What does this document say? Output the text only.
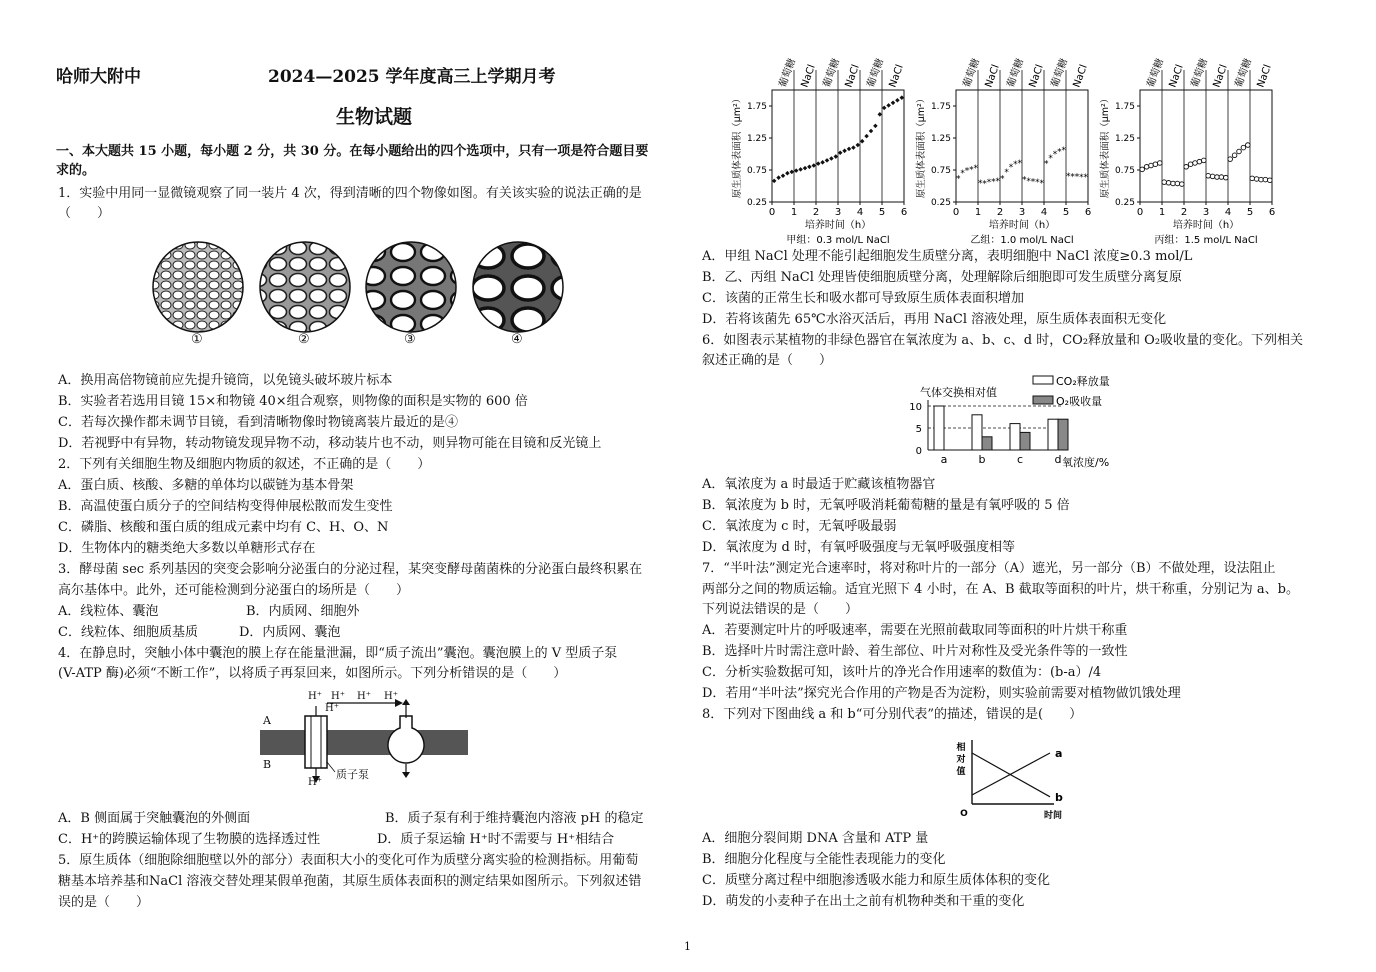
哈师大附中	2024—2025 学年度高三上学期月考
生物试题
一、本大题共 15 小题，每小题 2 分，共 30 分。在每小题给出的四个选项中，只有一项是符合题目要
求的。
1．实验中用同一显微镜观察了同一装片 4 次，得到清晰的四个物像如图。有关该实验的说法正确的是
（　　）
①	②	③	④
A．换用高倍物镜前应先提升镜筒，以免镜头破坏玻片标本
B．实验者若选用目镜 15×和物镜 40×组合观察，则物像的面积是实物的 600 倍
C．若每次操作都未调节目镜，看到清晰物像时物镜离装片最近的是④
D．若视野中有异物，转动物镜发现异物不动，移动装片也不动，则异物可能在目镜和反光镜上
2．下列有关细胞生物及细胞内物质的叙述，不正确的是（　　）
A．蛋白质、核酸、多糖的单体均以碳链为基本骨架
B．高温使蛋白质分子的空间结构变得伸展松散而发生变性
C．磷脂、核酸和蛋白质的组成元素中均有 C、H、O、N
D．生物体内的糖类绝大多数以单糖形式存在
3．酵母菌 sec 系列基因的突变会影响分泌蛋白的分泌过程，某突变酵母菌菌株的分泌蛋白最终积累在
高尔基体中。此外，还可能检测到分泌蛋白的场所是（　　）
A．线粒体、囊泡	B．内质网、细胞外
C．线粒体、细胞质基质	D．内质网、囊泡
4．在静息时，突触小体中囊泡的膜上存在能量泄漏，即“质子流出”囊泡。囊泡膜上的 V 型质子泵
(V-ATP 酶)必须“不断工作”，以将质子再泵回来，如图所示。下列分析错误的是（　　）
H⁺ H⁺ H⁺ H⁺
H⁺
H⁺
A
B
质子泵
A．B 侧面属于突触囊泡的外侧面	B．质子泵有利于维持囊泡内溶液 pH 的稳定
C．H⁺的跨膜运输体现了生物膜的选择透过性	D．质子泵运输 H⁺时不需要与 H⁺相结合
5．原生质体（细胞除细胞壁以外的部分）表面积大小的变化可作为质壁分离实验的检测指标。用葡萄
糖基本培养基和NaCl 溶液交替处理某假单孢菌，其原生质体表面积的测定结果如图所示。下列叙述错
误的是（　　）
0 1 2 3 4 5 6
0.25
0.75
1.25
1.75
葡萄糖 NaCl 葡萄糖 NaCl 葡萄糖 NaCl
原生质体表面积（μm²）
培养时间（h）
甲组：0.3 mol/L NaCl
0 1 2 3 4 5 6
0.25
0.75
1.25
1.75
葡萄糖 NaCl 葡萄糖 NaCl 葡萄糖 NaCl
原生质体表面积（μm²）
培养时间（h）
乙组：1.0 mol/L NaCl
*
* * * *
* * * * * *
*
* * *
* * * * *
*
* * * *
* * * * *
0 1 2 3 4 5 6
0.25
0.75
1.25
1.75
葡萄糖 NaCl 葡萄糖 NaCl 葡萄糖 NaCl
原生质体表面积（μm²）
培养时间（h）
丙组：1.5 mol/L NaCl
A．甲组 NaCl 处理不能引起细胞发生质壁分离，表明细胞中 NaCl 浓度≥0.3 mol/L
B．乙、丙组 NaCl 处理皆使细胞质壁分离，处理解除后细胞即可发生质壁分离复原
C．该菌的正常生长和吸水都可导致原生质体表面积增加
D．若将该菌先 65℃水浴灭活后，再用 NaCl 溶液处理，原生质体表面积无变化
6．如图表示某植物的非绿色器官在氧浓度为 a、b、c、d 时，CO₂释放量和 O₂吸收量的变化。下列相关
叙述正确的是（　　）
气体交换相对值
0
5
10
a	b	c	d 氧浓度/%
CO₂释放量
O₂吸收量
A．氧浓度为 a 时最适于贮藏该植物器官
B．氧浓度为 b 时，无氧呼吸消耗葡萄糖的量是有氧呼吸的 5 倍
C．氧浓度为 c 时，无氧呼吸最弱
D．氧浓度为 d 时，有氧呼吸强度与无氧呼吸强度相等
7．“半叶法”测定光合速率时，将对称叶片的一部分（A）遮光，另一部分（B）不做处理，设法阻止
两部分之间的物质运输。适宜光照下 4 小时，在 A、B 截取等面积的叶片，烘干称重，分别记为 a、b。
下列说法错误的是（　　）
A．若要测定叶片的呼吸速率，需要在光照前截取同等面积的叶片烘干称重
B．选择叶片时需注意叶龄、着生部位、叶片对称性及受光条件等的一致性
C．分析实验数据可知，该叶片的净光合作用速率的数值为：(b-a）/4
D．若用“半叶法”探究光合作用的产物是否为淀粉，则实验前需要对植物做饥饿处理
8．下列对下图曲线 a 和 b“可分别代表”的描述，错误的是(　　）
相
对
值
O	时间
a
b
A．细胞分裂间期 DNA 含量和 ATP 量
B．细胞分化程度与全能性表现能力的变化
C．质壁分离过程中细胞渗透吸水能力和原生质体体积的变化
D．萌发的小麦种子在出土之前有机物种类和干重的变化
1
